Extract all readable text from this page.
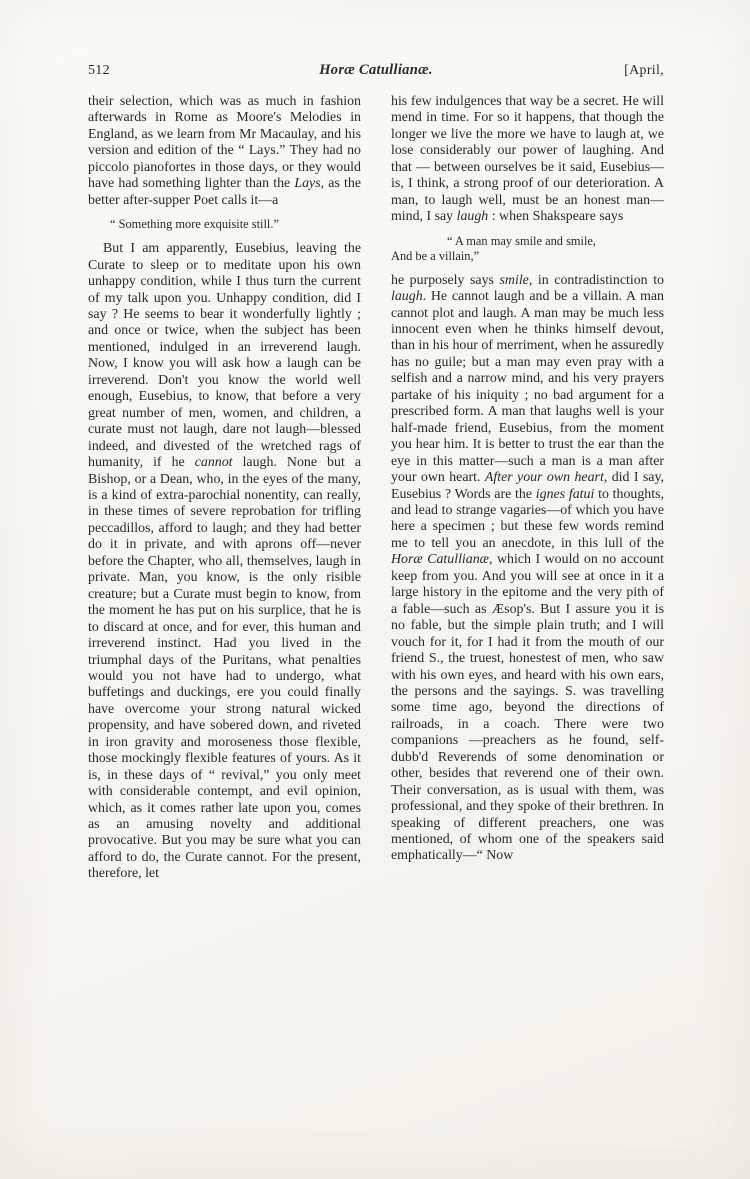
512	Horæ Catullianæ.	[April,

their selection, which was as much in fashion afterwards in Rome as Moore's Melodies in England, as we learn from Mr Macaulay, and his version and edition of the “ Lays.” They had no piccolo pianofortes in those days, or they would have had something lighter than the Lays, as the better after-supper Poet calls it—a

“ Something more exquisite still.”

But I am apparently, Eusebius, leaving the Curate to sleep or to meditate upon his own unhappy condition, while I thus turn the current of my talk upon you. Unhappy condition, did I say ? He seems to bear it wonderfully lightly ; and once or twice, when the subject has been mentioned, indulged in an irreverend laugh. Now, I know you will ask how a laugh can be irreverend. Don't you know the world well enough, Eusebius, to know, that before a very great number of men, women, and children, a curate must not laugh, dare not laugh—blessed indeed, and divested of the wretched rags of humanity, if he cannot laugh. None but a Bishop, or a Dean, who, in the eyes of the many, is a kind of extra-parochial nonentity, can really, in these times of severe reprobation for trifling peccadillos, afford to laugh; and they had better do it in private, and with aprons off—never before the Chapter, who all, themselves, laugh in private. Man, you know, is the only risible creature; but a Curate must begin to know, from the moment he has put on his surplice, that he is to discard at once, and for ever, this human and irreverend instinct. Had you lived in the triumphal days of the Puritans, what penalties would you not have had to undergo, what buffetings and duckings, ere you could finally have overcome your strong natural wicked propensity, and have sobered down, and riveted in iron gravity and moroseness those flexible, those mockingly flexible features of yours. As it is, in these days of “ revival,” you only meet with considerable contempt, and evil opinion, which, as it comes rather late upon you, comes as an amusing novelty and additional provocative. But you may be sure what you can afford to do, the Curate cannot. For the present, therefore, let

his few indulgences that way be a secret. He will mend in time. For so it happens, that though the longer we live the more we have to laugh at, we lose considerably our power of laughing. And that — between ourselves be it said, Eusebius—is, I think, a strong proof of our deterioration. A man, to laugh well, must be an honest man—mind, I say laugh : when Shakspeare says

“ A man may smile and smile,
And be a villain,”

he purposely says smile, in contradistinction to laugh. He cannot laugh and be a villain. A man cannot plot and laugh. A man may be much less innocent even when he thinks himself devout, than in his hour of merriment, when he assuredly has no guile; but a man may even pray with a selfish and a narrow mind, and his very prayers partake of his iniquity ; no bad argument for a prescribed form. A man that laughs well is your half-made friend, Eusebius, from the moment you hear him. It is better to trust the ear than the eye in this matter—such a man is a man after your own heart. After your own heart, did I say, Eusebius ? Words are the ignes fatui to thoughts, and lead to strange vagaries—of which you have here a specimen ; but these few words remind me to tell you an anecdote, in this lull of the Horæ Catullianæ, which I would on no account keep from you. And you will see at once in it a large history in the epitome and the very pith of a fable—such as Æsop's. But I assure you it is no fable, but the simple plain truth; and I will vouch for it, for I had it from the mouth of our friend S., the truest, honestest of men, who saw with his own eyes, and heard with his own ears, the persons and the sayings. S. was travelling some time ago, beyond the directions of railroads, in a coach. There were two companions —preachers as he found, self-dubb'd Reverends of some denomination or other, besides that reverend one of their own. Their conversation, as is usual with them, was professional, and they spoke of their brethren. In speaking of different preachers, one was mentioned, of whom one of the speakers said emphatically—“ Now
